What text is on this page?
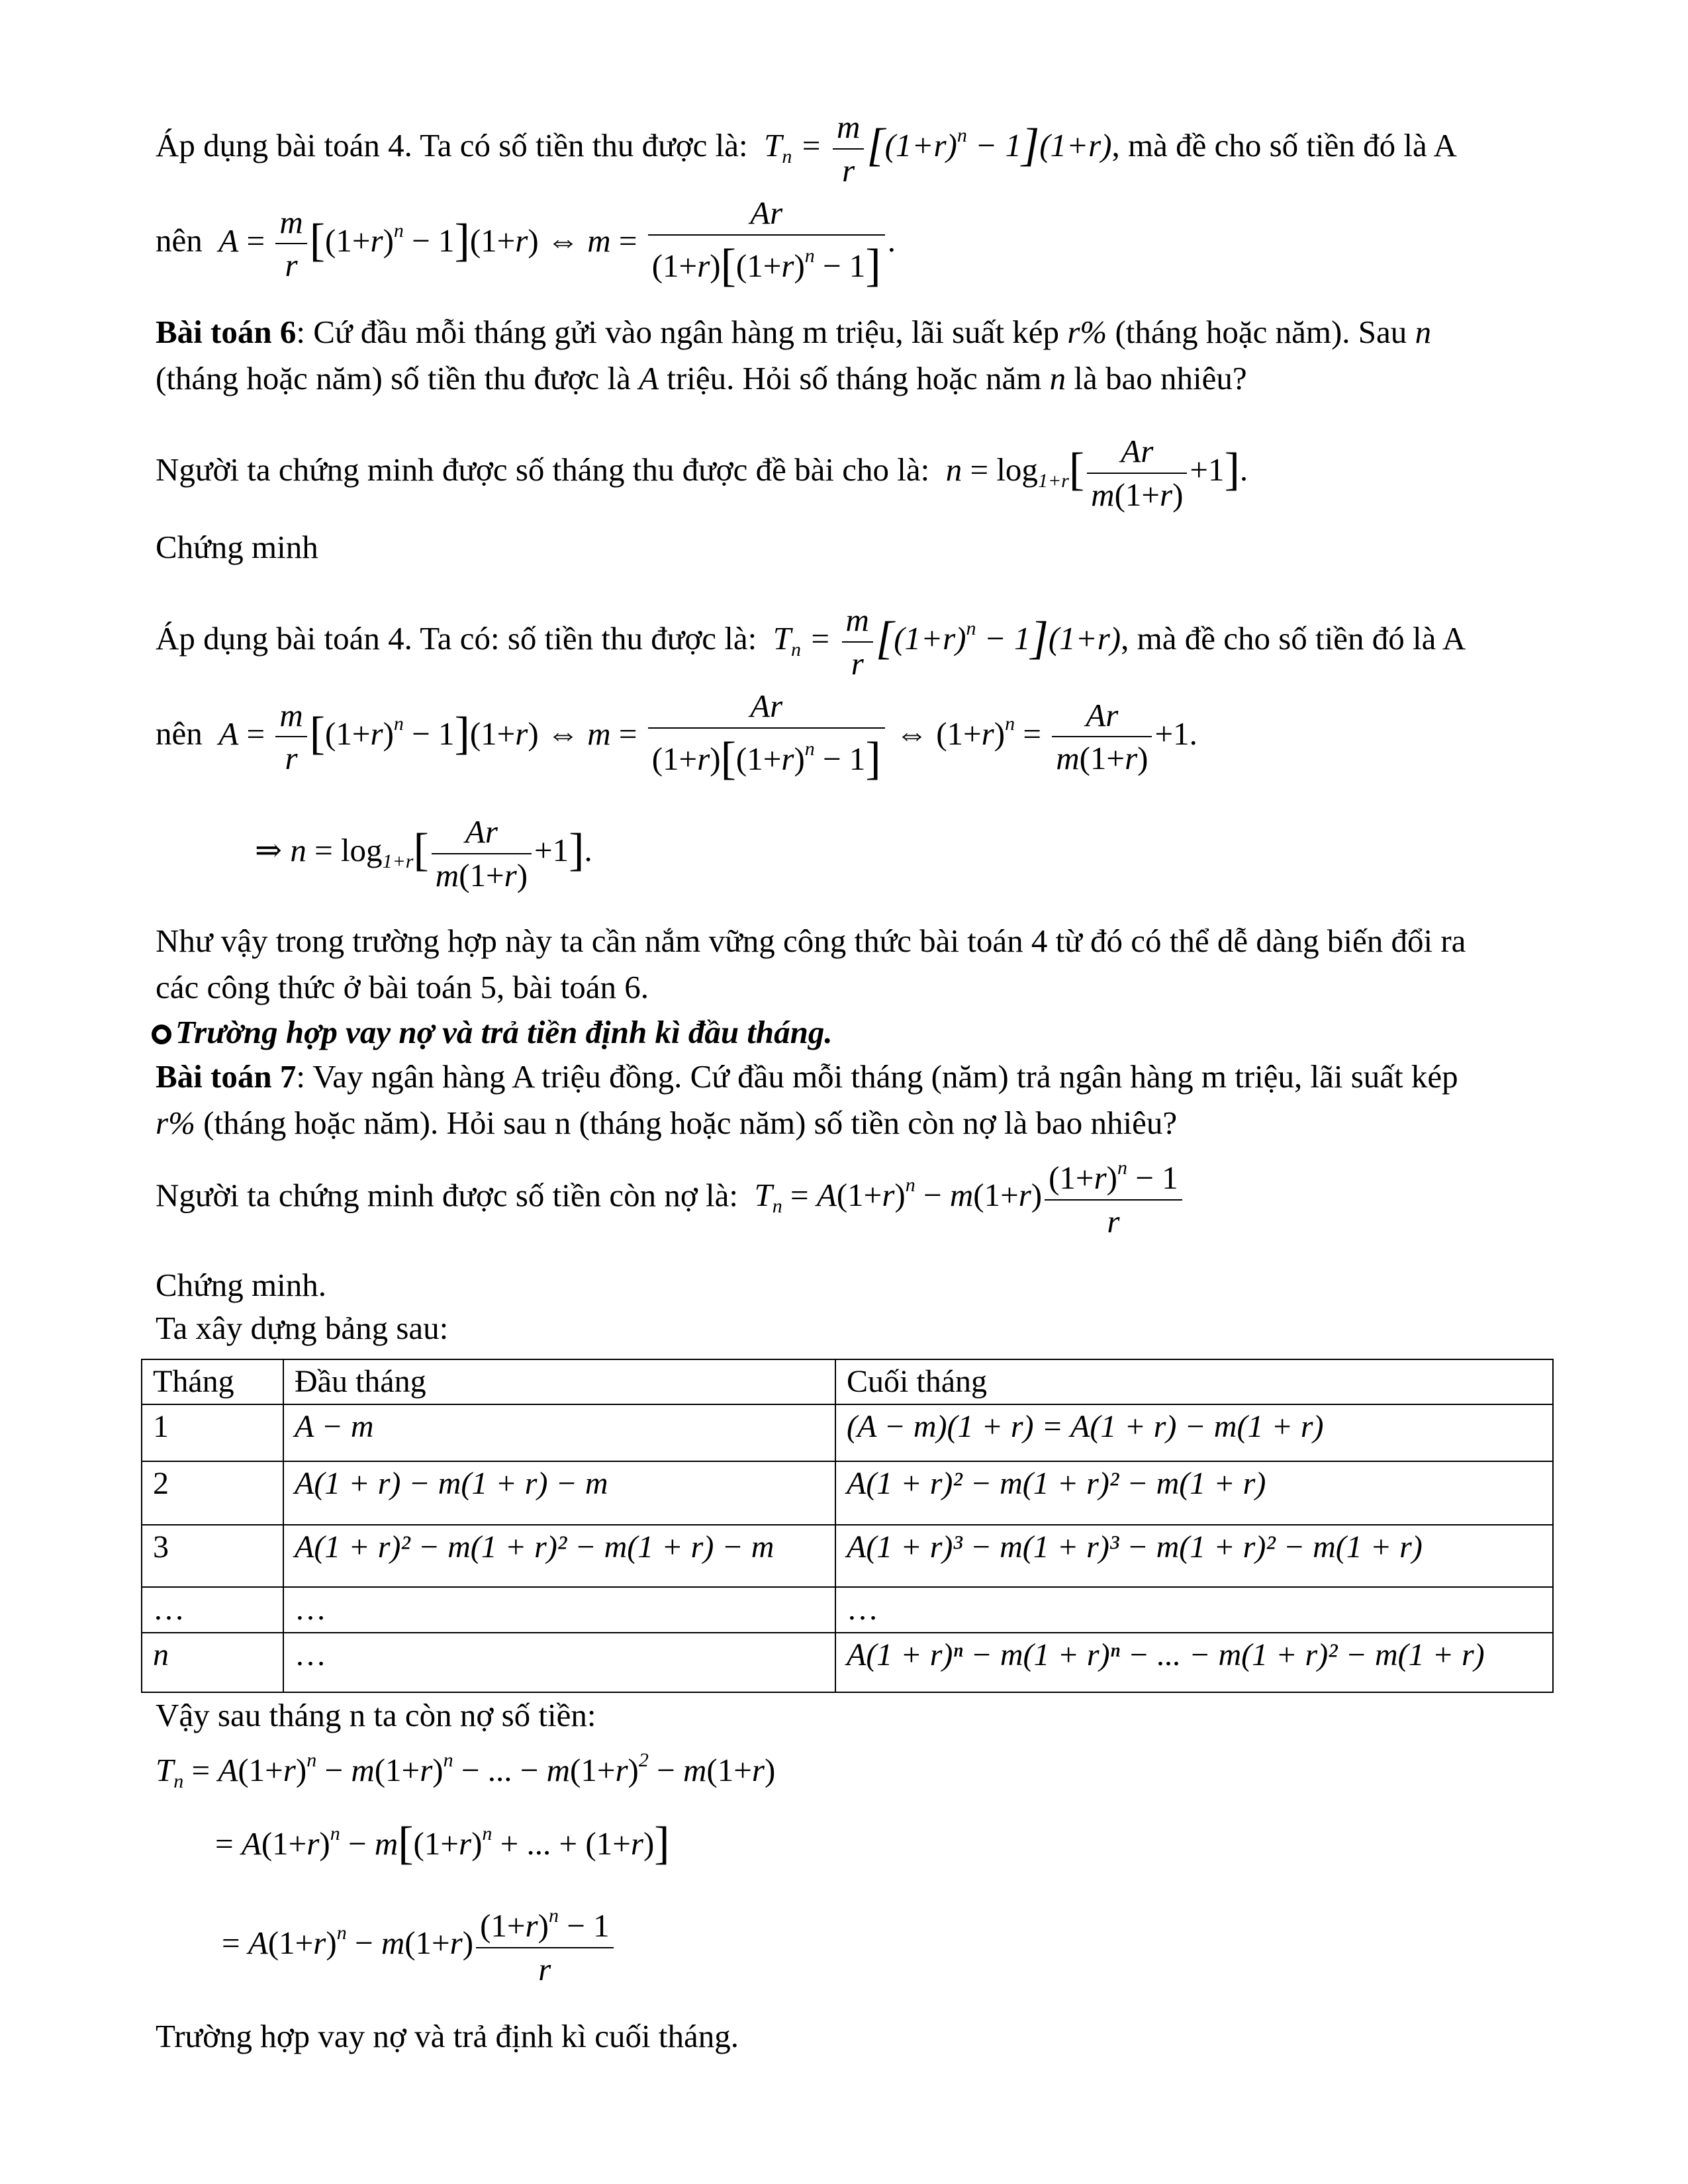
Áp dụng bài toán 4. Ta có số tiền thu được là:  $T_n = \frac{m}{r} [(1+r)^n - 1](1+r)$, mà đề cho số tiền đó là A
nên $A = \frac{m}{r} [(1+r)^n - 1](1+r)$ ⇔ $m = \frac{Ar}{(1+r)[(1+r)^n - 1]}$ .
Bài toán 6: Cứ đầu mỗi tháng gửi vào ngân hàng m triệu, lãi suất kép r% (tháng hoặc năm). Sau n
(tháng hoặc năm) số tiền thu được là A triệu. Hỏi số tháng hoặc năm n là bao nhiêu?
Người ta chứng minh được số tháng thu được đề bài cho là: $n = \log_{1+r}[ \frac{Ar}{m(1+r)} +1]$.
Chứng minh
Áp dụng bài toán 4. Ta có: số tiền thu được là:  $T_n = \frac{m}{r} [(1+r)^n - 1](1+r)$, mà đề cho số tiền đó là A
nên $A = \frac{m}{r} [(1+r)^n - 1](1+r)$ ⇔ $m = \frac{Ar}{(1+r)[(1+r)^n - 1]}$ ⇔ $(1+r)^n = \frac{Ar}{m(1+r)} +1$.
⇒ $n = \log_{1+r}[ \frac{Ar}{m(1+r)} +1]$.
Như vậy trong trường hợp này ta cần nắm vững công thức bài toán 4 từ đó có thể dễ dàng biến đổi ra
các công thức ở bài toán 5, bài toán 6.
Trường hợp vay nợ và trả tiền định kì đầu tháng.
Bài toán 7: Vay ngân hàng A triệu đồng. Cứ đầu mỗi tháng (năm) trả ngân hàng m triệu, lãi suất kép
r% (tháng hoặc năm). Hỏi sau n (tháng hoặc năm) số tiền còn nợ là bao nhiêu?
Người ta chứng minh được số tiền còn nợ là: $T_n = A(1+r)^n - m(1+r) \frac{(1+r)^n - 1}{r}$
Chứng minh.
Ta xây dựng bảng sau:
Tháng	Đầu tháng	Cuối tháng
1	A − m	(A − m)(1 + r) = A(1 + r) − m(1 + r)
2	A(1 + r) − m(1 + r) − m	A(1 + r)² − m(1 + r)² − m(1 + r)
3	A(1 + r)² − m(1 + r)² − m(1 + r) − m	A(1 + r)³ − m(1 + r)³ − m(1 + r)² − m(1 + r)
…	…	…
n	…	A(1 + r)ⁿ − m(1 + r)ⁿ − ... − m(1 + r)² − m(1 + r)
Vậy sau tháng n ta còn nợ số tiền:
$T_n = A(1+r)^n - m(1+r)^n$ − ... − $m(1+r)^2 - m(1+r)$
= $A(1+r)^n - m[(1+r)^n$ + ... + (1+r)]
= $A(1+r)^n - m(1+r) \frac{(1+r)^n - 1}{r}$
Trường hợp vay nợ và trả định kì cuối tháng.
